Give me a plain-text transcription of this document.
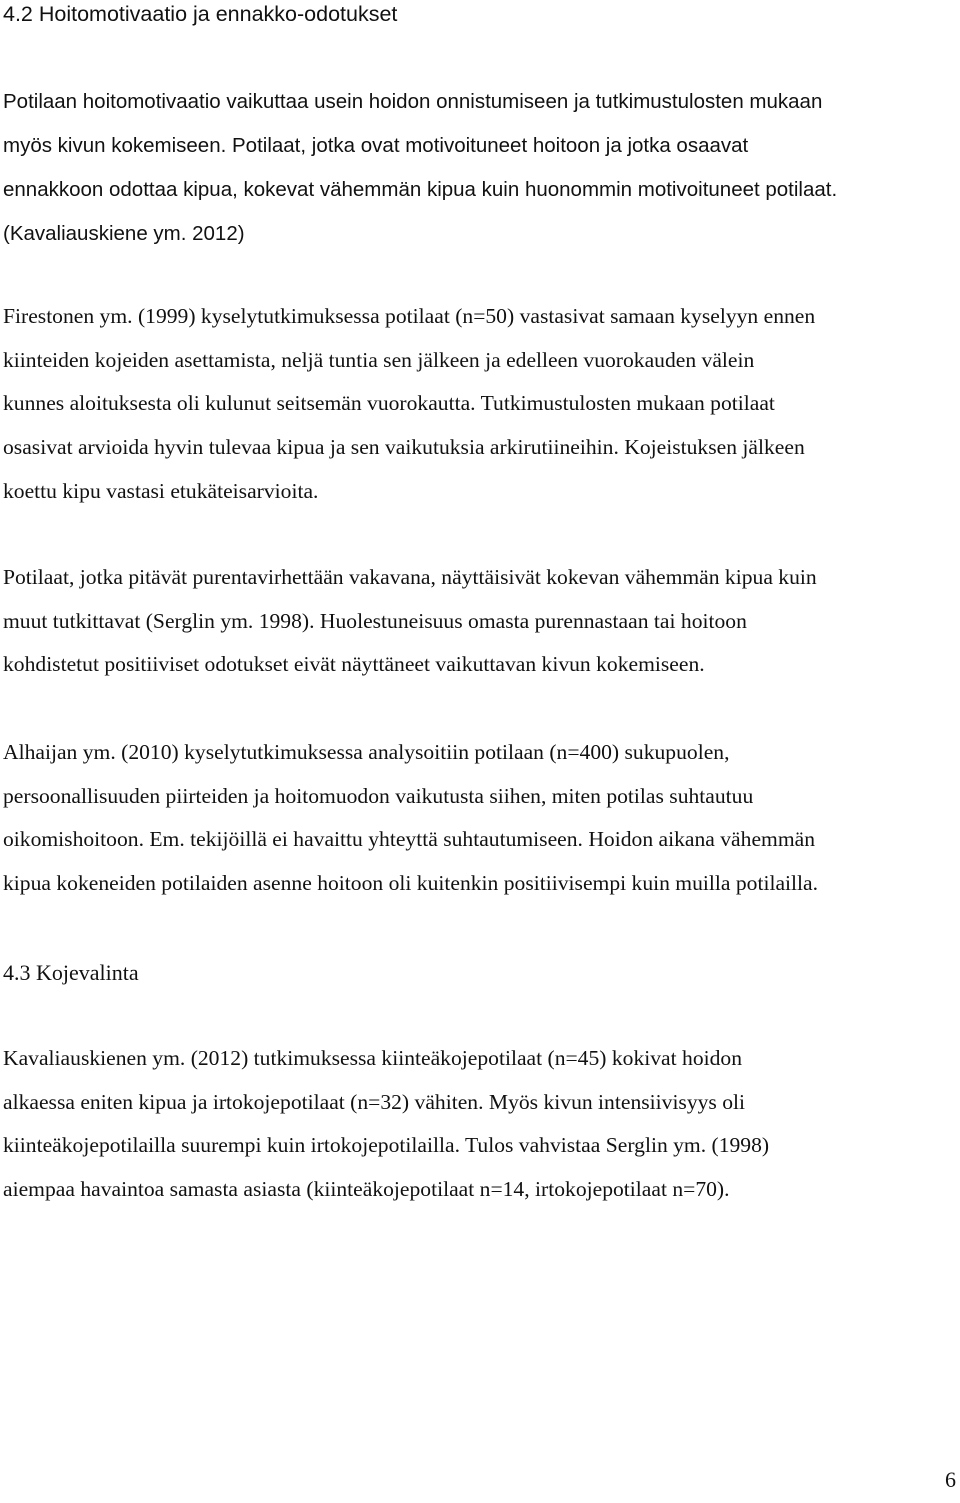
4.2 Hoitomotivaatio ja ennakko-odotukset

Potilaan hoitomotivaatio vaikuttaa usein hoidon onnistumiseen ja tutkimustulosten mukaan
myös kivun kokemiseen. Potilaat, jotka ovat motivoituneet hoitoon ja jotka osaavat
ennakkoon odottaa kipua, kokevat vähemmän kipua kuin huonommin motivoituneet potilaat.
(Kavaliauskiene ym. 2012)

Firestonen ym. (1999) kyselytutkimuksessa potilaat (n=50) vastasivat samaan kyselyyn ennen
kiinteiden kojeiden asettamista, neljä tuntia sen jälkeen ja edelleen vuorokauden välein
kunnes aloituksesta oli kulunut seitsemän vuorokautta. Tutkimustulosten mukaan potilaat
osasivat arvioida hyvin tulevaa kipua ja sen vaikutuksia arkirutiineihin. Kojeistuksen jälkeen
koettu kipu vastasi etukäteisarvioita.

Potilaat, jotka pitävät purentavirhettään vakavana, näyttäisivät kokevan vähemmän kipua kuin
muut tutkittavat (Serglin ym. 1998). Huolestuneisuus omasta purennastaan tai hoitoon
kohdistetut positiiviset odotukset eivät näyttäneet vaikuttavan kivun kokemiseen.

Alhaijan ym. (2010) kyselytutkimuksessa analysoitiin potilaan (n=400) sukupuolen,
persoonallisuuden piirteiden ja hoitomuodon vaikutusta siihen, miten potilas suhtautuu
oikomishoitoon. Em. tekijöillä ei havaittu yhteyttä suhtautumiseen. Hoidon aikana vähemmän
kipua kokeneiden potilaiden asenne hoitoon oli kuitenkin positiivisempi kuin muilla potilailla.

4.3 Kojevalinta

Kavaliauskienen ym. (2012) tutkimuksessa kiinteäkojepotilaat (n=45) kokivat hoidon
alkaessa eniten kipua ja irtokojepotilaat (n=32) vähiten. Myös kivun intensiivisyys oli
kiinteäkojepotilailla suurempi kuin irtokojepotilailla. Tulos vahvistaa Serglin ym. (1998)
aiempaa havaintoa samasta asiasta (kiinteäkojepotilaat n=14, irtokojepotilaat n=70).

6
